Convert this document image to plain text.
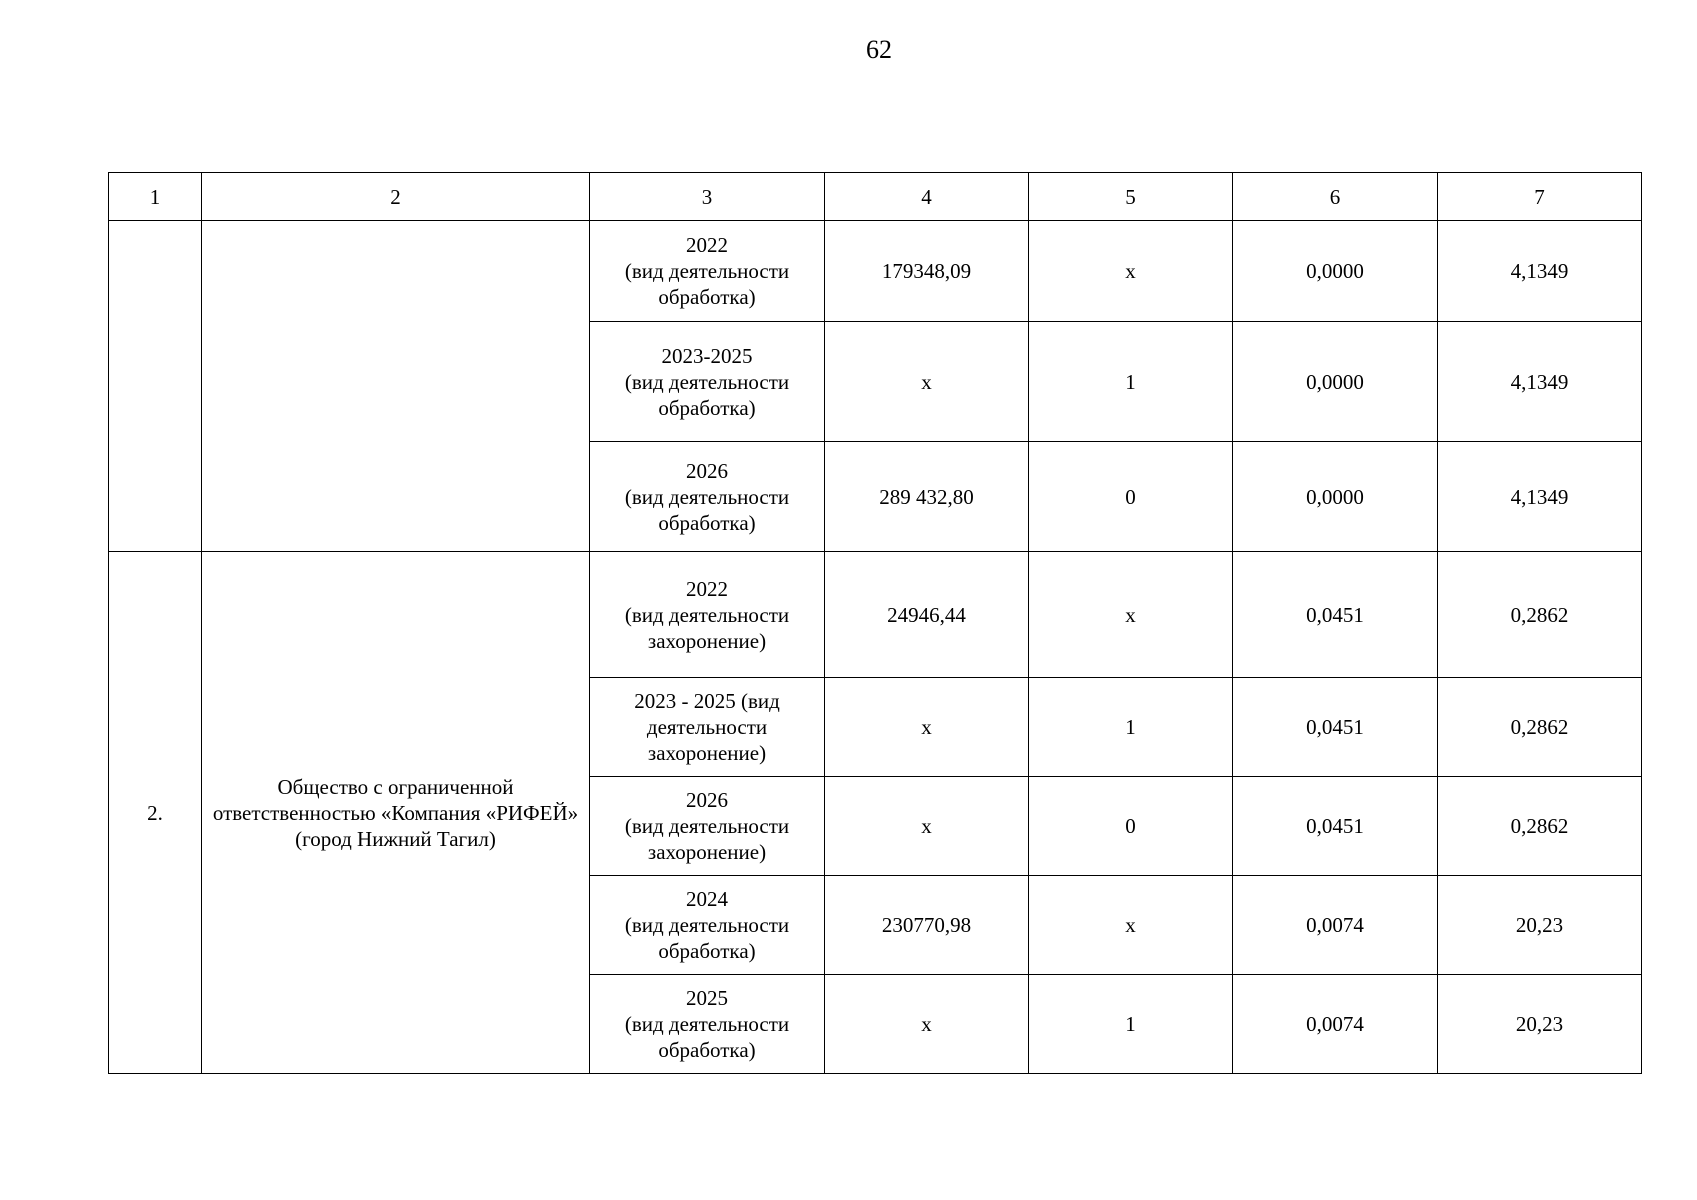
62
1	2	3	4	5	6	7
		2022
(вид деятельности
обработка)	179348,09	х	0,0000	4,1349
		2023-2025
(вид деятельности
обработка)	х	1	0,0000	4,1349
		2026
(вид деятельности
обработка)	289 432,80	0	0,0000	4,1349
2.	Общество с ограниченной ответственностью «Компания «РИФЕЙ» (город Нижний Тагил)	2022
(вид деятельности
захоронение)	24946,44	х	0,0451	0,2862
		2023 - 2025 (вид
деятельности
захоронение)	х	1	0,0451	0,2862
		2026
(вид деятельности
захоронение)	х	0	0,0451	0,2862
		2024
(вид деятельности
обработка)	230770,98	х	0,0074	20,23
		2025
(вид деятельности
обработка)	х	1	0,0074	20,23
